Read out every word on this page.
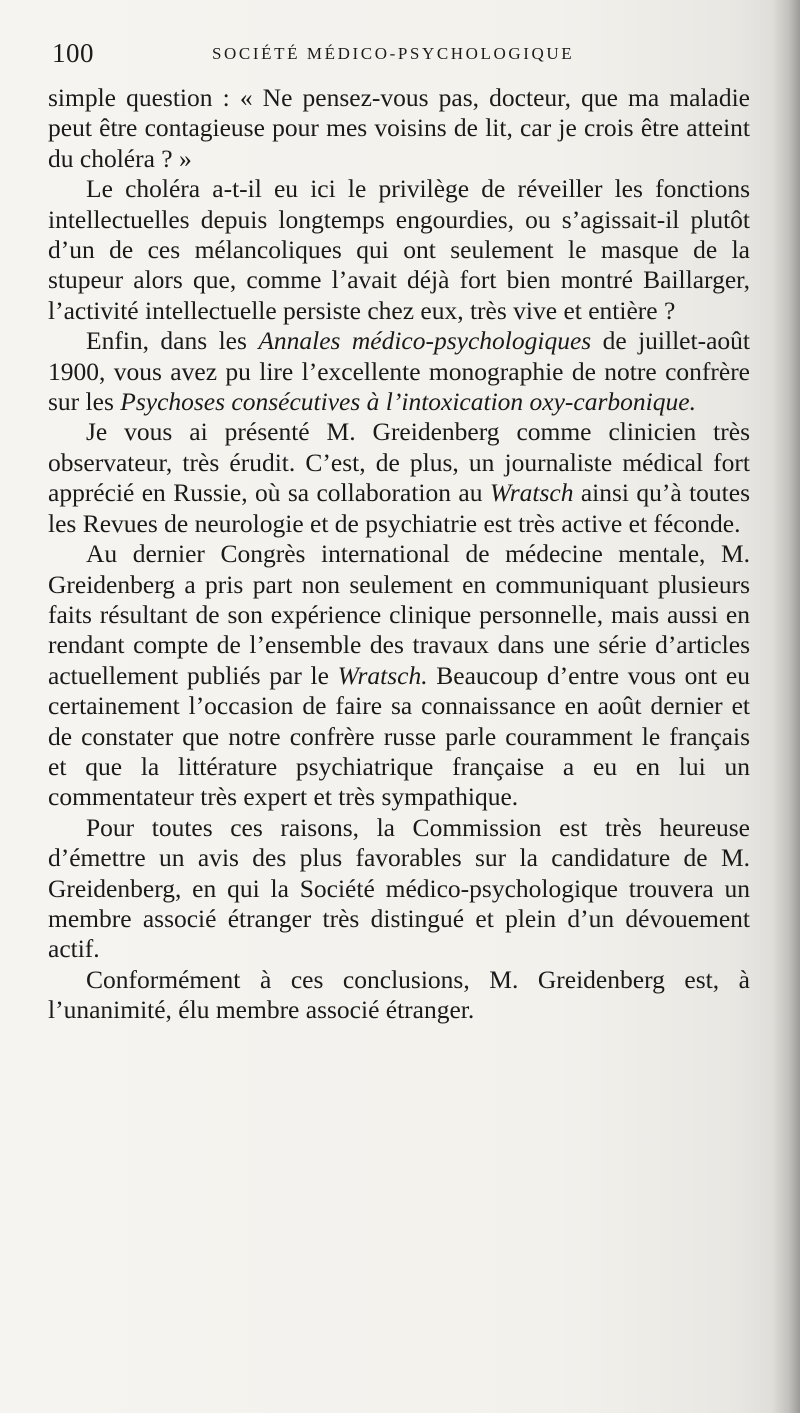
100	SOCIÉTÉ MÉDICO-PSYCHOLOGIQUE

simple question : « Ne pensez-vous pas, docteur, que ma maladie peut être contagieuse pour mes voisins de lit, car je crois être atteint du choléra ? »

Le choléra a-t-il eu ici le privilège de réveiller les fonctions intellectuelles depuis longtemps engourdies, ou s’agissait-il plutôt d’un de ces mélancoliques qui ont seulement le masque de la stupeur alors que, comme l’avait déjà fort bien montré Baillarger, l’activité intellectuelle persiste chez eux, très vive et entière ?

Enfin, dans les Annales médico-psychologiques de juillet-août 1900, vous avez pu lire l’excellente monographie de notre confrère sur les Psychoses consécutives à l’intoxication oxy-carbonique.

Je vous ai présenté M. Greidenberg comme clinicien très observateur, très érudit. C’est, de plus, un journaliste médical fort apprécié en Russie, où sa collaboration au Wratsch ainsi qu’à toutes les Revues de neurologie et de psychiatrie est très active et féconde.

Au dernier Congrès international de médecine mentale, M. Greidenberg a pris part non seulement en communiquant plusieurs faits résultant de son expérience clinique personnelle, mais aussi en rendant compte de l’ensemble des travaux dans une série d’articles actuellement publiés par le Wratsch. Beaucoup d’entre vous ont eu certainement l’occasion de faire sa connaissance en août dernier et de constater que notre confrère russe parle couramment le français et que la littérature psychiatrique française a eu en lui un commentateur très expert et très sympathique.

Pour toutes ces raisons, la Commission est très heureuse d’émettre un avis des plus favorables sur la candidature de M. Greidenberg, en qui la Société médico-psychologique trouvera un membre associé étranger très distingué et plein d’un dévouement actif.

Conformément à ces conclusions, M. Greidenberg est, à l’unanimité, élu membre associé étranger.
